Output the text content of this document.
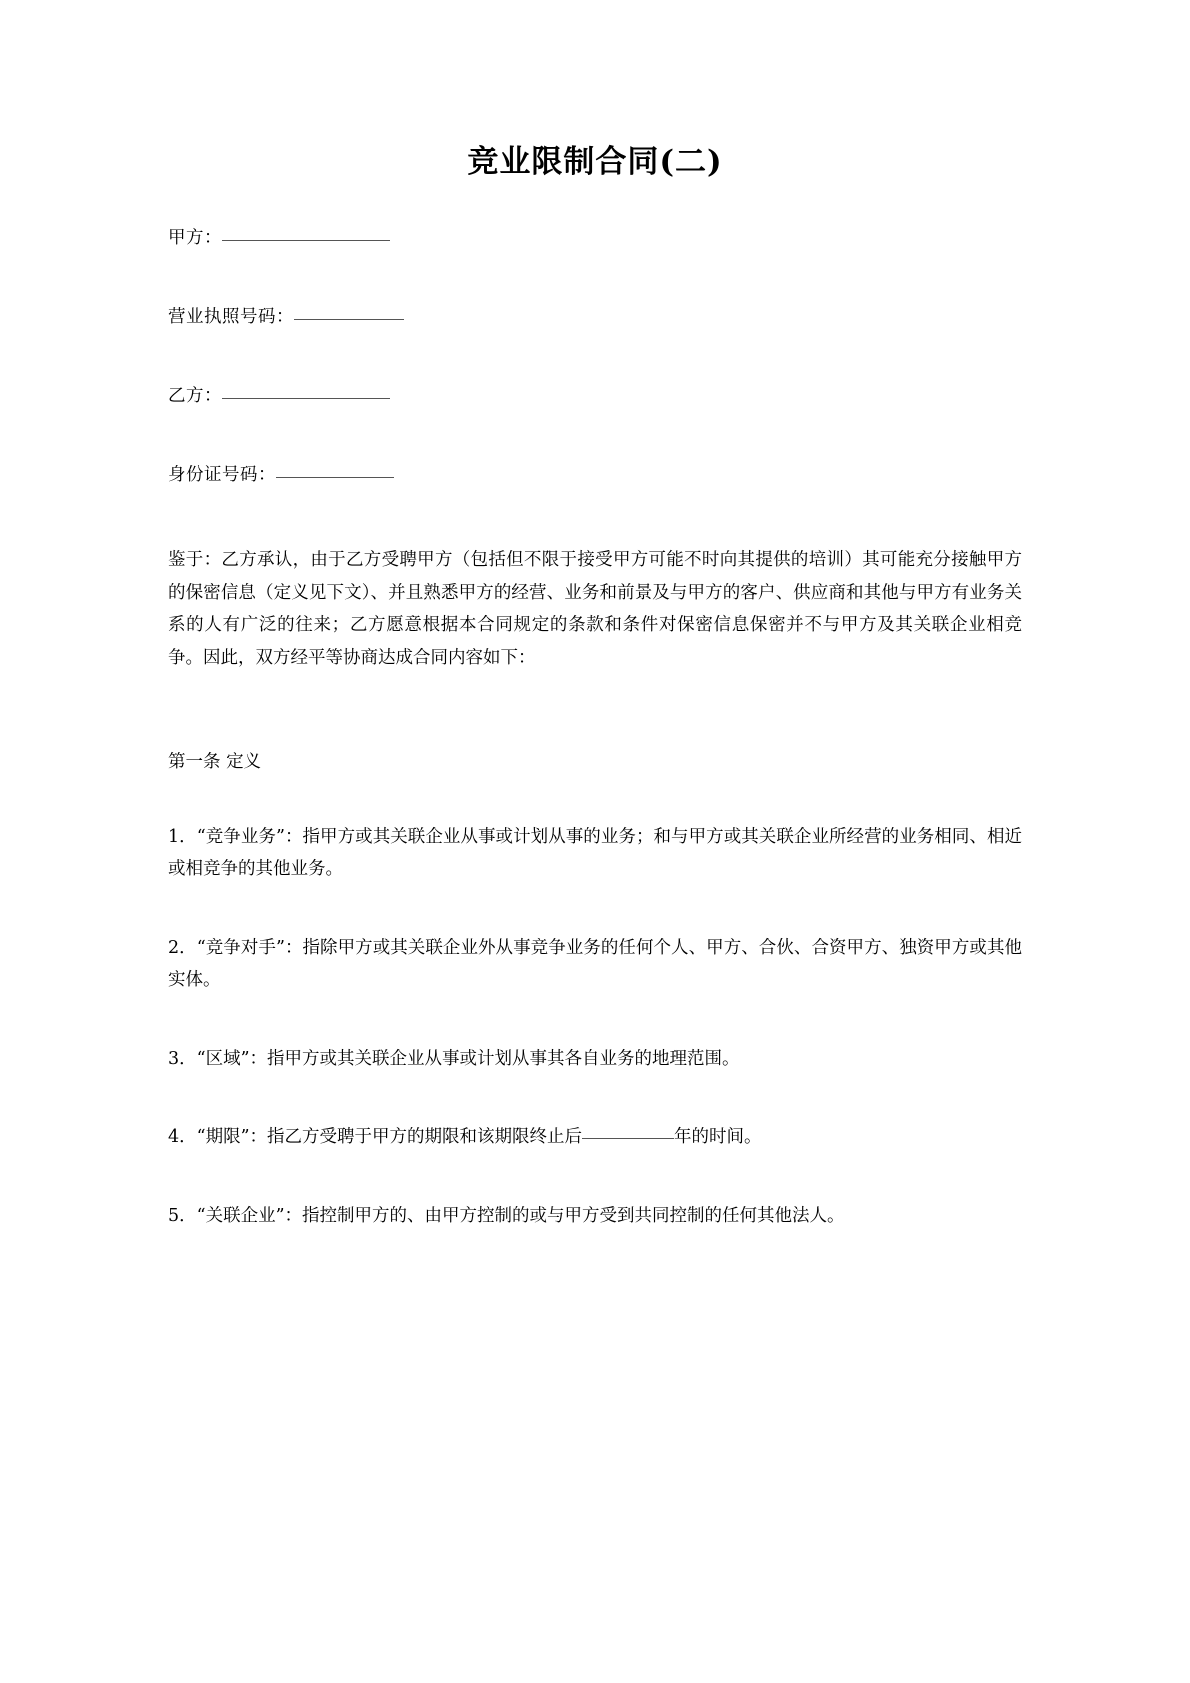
竞业限制合同(二)
甲方：
营业执照号码：
乙方：
身份证号码：

鉴于：乙方承认，由于乙方受聘甲方（包括但不限于接受甲方可能不时向其提供的培训）其可能充分接触甲方的保密信息（定义见下文）、并且熟悉甲方的经营、业务和前景及与甲方的客户、供应商和其他与甲方有业务关系的人有广泛的往来；乙方愿意根据本合同规定的条款和条件对保密信息保密并不与甲方及其关联企业相竞争。因此，双方经平等协商达成合同内容如下：

第一条 定义

1．“竞争业务”：指甲方或其关联企业从事或计划从事的业务；和与甲方或其关联企业所经营的业务相同、相近或相竞争的其他业务。

2．“竞争对手”：指除甲方或其关联企业外从事竞争业务的任何个人、甲方、合伙、合资甲方、独资甲方或其他实体。

3．“区域”：指甲方或其关联企业从事或计划从事其各自业务的地理范围。

4．“期限”：指乙方受聘于甲方的期限和该期限终止后	年的时间。

5．“关联企业”：指控制甲方的、由甲方控制的或与甲方受到共同控制的任何其他法人。
